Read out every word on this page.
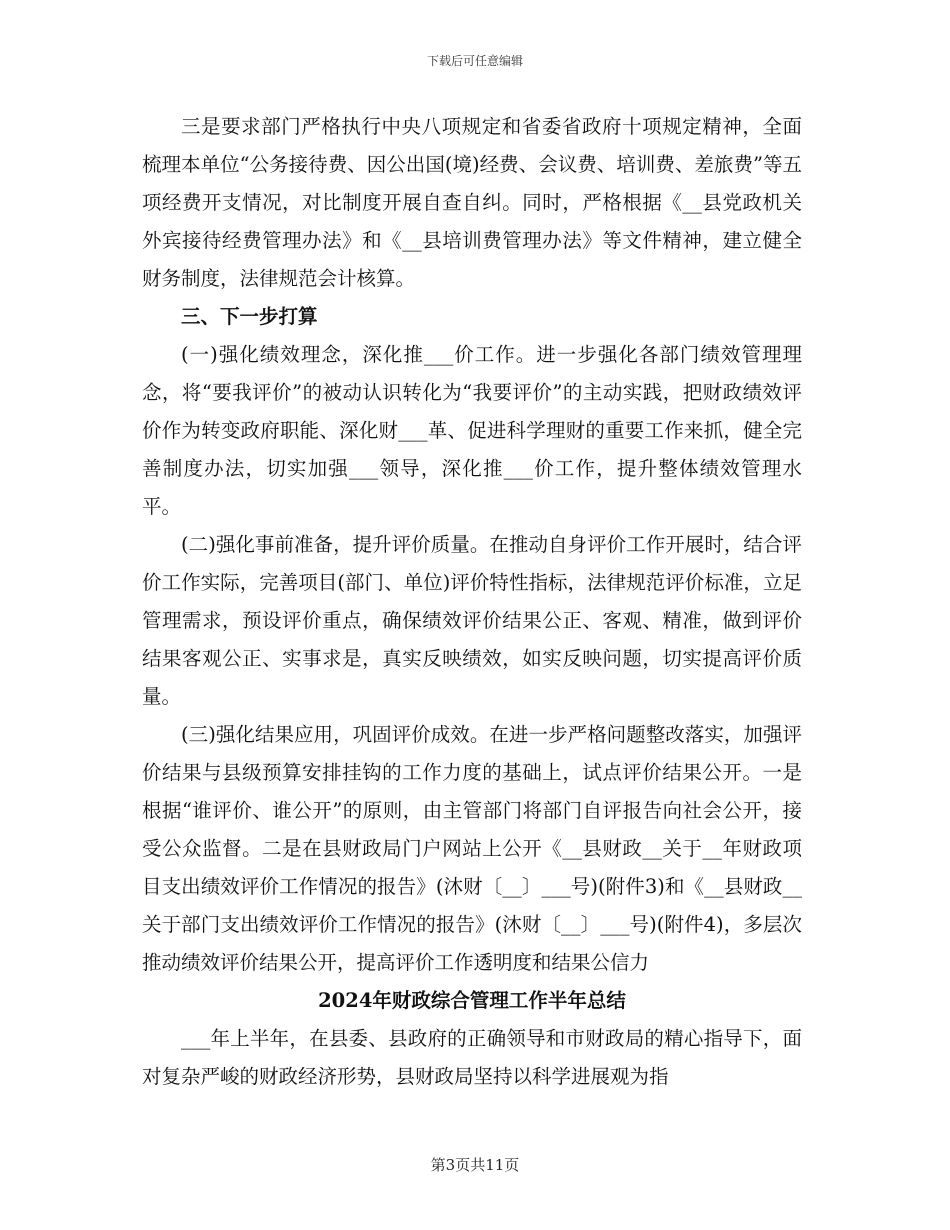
下载后可任意编辑

三是要求部门严格执行中央八项规定和省委省政府十项规定精神，全面梳理本单位“公务接待费、因公出国(境)经费、会议费、培训费、差旅费”等五项经费开支情况，对比制度开展自查自纠。同时，严格根据《__县党政机关外宾接待经费管理办法》和《__县培训费管理办法》等文件精神，建立健全财务制度，法律规范会计核算。

三、下一步打算

(一)强化绩效理念，深化推___价工作。进一步强化各部门绩效管理理念，将“要我评价”的被动认识转化为“我要评价”的主动实践，把财政绩效评价作为转变政府职能、深化财___革、促进科学理财的重要工作来抓，健全完善制度办法，切实加强___领导，深化推___价工作，提升整体绩效管理水平。

(二)强化事前准备，提升评价质量。在推动自身评价工作开展时，结合评价工作实际，完善项目(部门、单位)评价特性指标，法律规范评价标准，立足管理需求，预设评价重点，确保绩效评价结果公正、客观、精准，做到评价结果客观公正、实事求是，真实反映绩效，如实反映问题，切实提高评价质量。

(三)强化结果应用，巩固评价成效。在进一步严格问题整改落实，加强评价结果与县级预算安排挂钩的工作力度的基础上，试点评价结果公开。一是根据“谁评价、谁公开”的原则，由主管部门将部门自评报告向社会公开，接受公众监督。二是在县财政局门户网站上公开《__县财政__关于__年财政项目支出绩效评价工作情况的报告》(沐财〔__〕___号)(附件3)和《__县财政__关于部门支出绩效评价工作情况的报告》(沐财〔__〕___号)(附件4)，多层次推动绩效评价结果公开，提高评价工作透明度和结果公信力

2024年财政综合管理工作半年总结

___年上半年，在县委、县政府的正确领导和市财政局的精心指导下，面对复杂严峻的财政经济形势，县财政局坚持以科学进展观为指

第3页共11页
